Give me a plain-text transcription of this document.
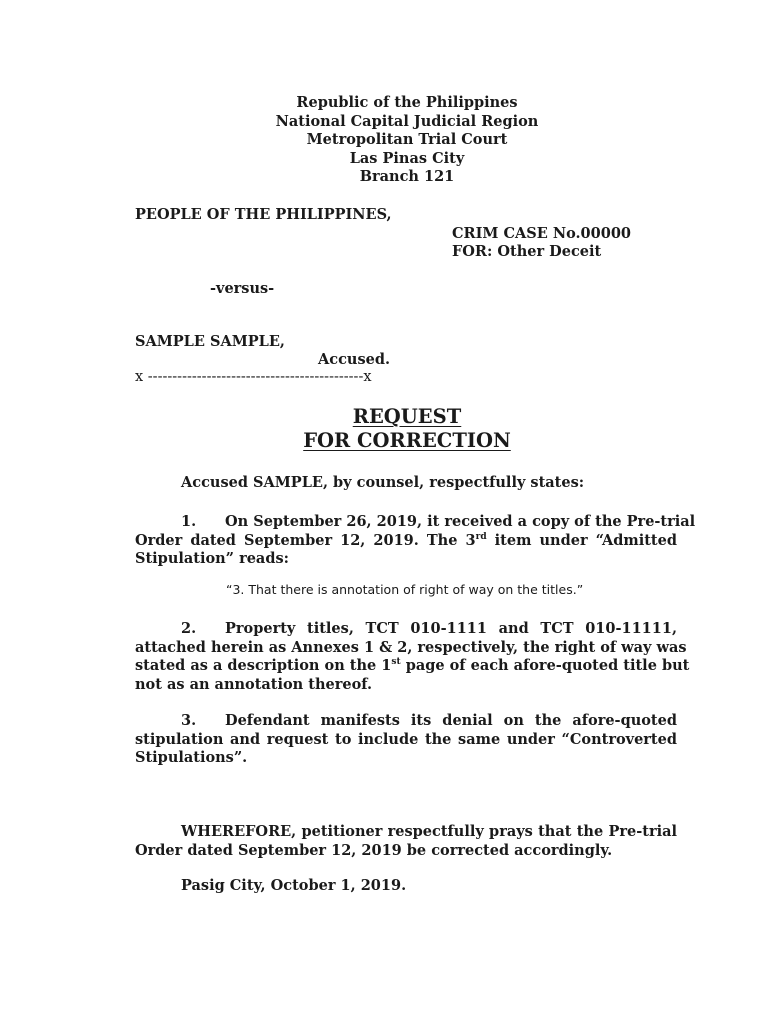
Republic of the Philippines
National Capital Judicial Region
Metropolitan Trial Court
Las Pinas City
Branch 121
PEOPLE OF THE PHILIPPINES,
CRIM CASE No.00000
FOR: Other Deceit
-versus-
SAMPLE SAMPLE,
Accused.
x --------------------------------------------x
REQUEST
FOR CORRECTION
Accused SAMPLE, by counsel, respectfully states:
1. On September 26, 2019, it received a copy of the Pre-trial
Order dated September 12, 2019. The 3rd item under “Admitted
Stipulation” reads:
“3. That there is annotation of right of way on the titles.”
2. Property titles, TCT 010-1111 and TCT 010-11111,
attached herein as Annexes 1 & 2, respectively, the right of way was
stated as a description on the 1st page of each afore-quoted title but
not as an annotation thereof.
3. Defendant manifests its denial on the afore-quoted
stipulation and request to include the same under “Controverted
Stipulations”.
WHEREFORE, petitioner respectfully prays that the Pre-trial
Order dated September 12, 2019 be corrected accordingly.
Pasig City, October 1, 2019.
